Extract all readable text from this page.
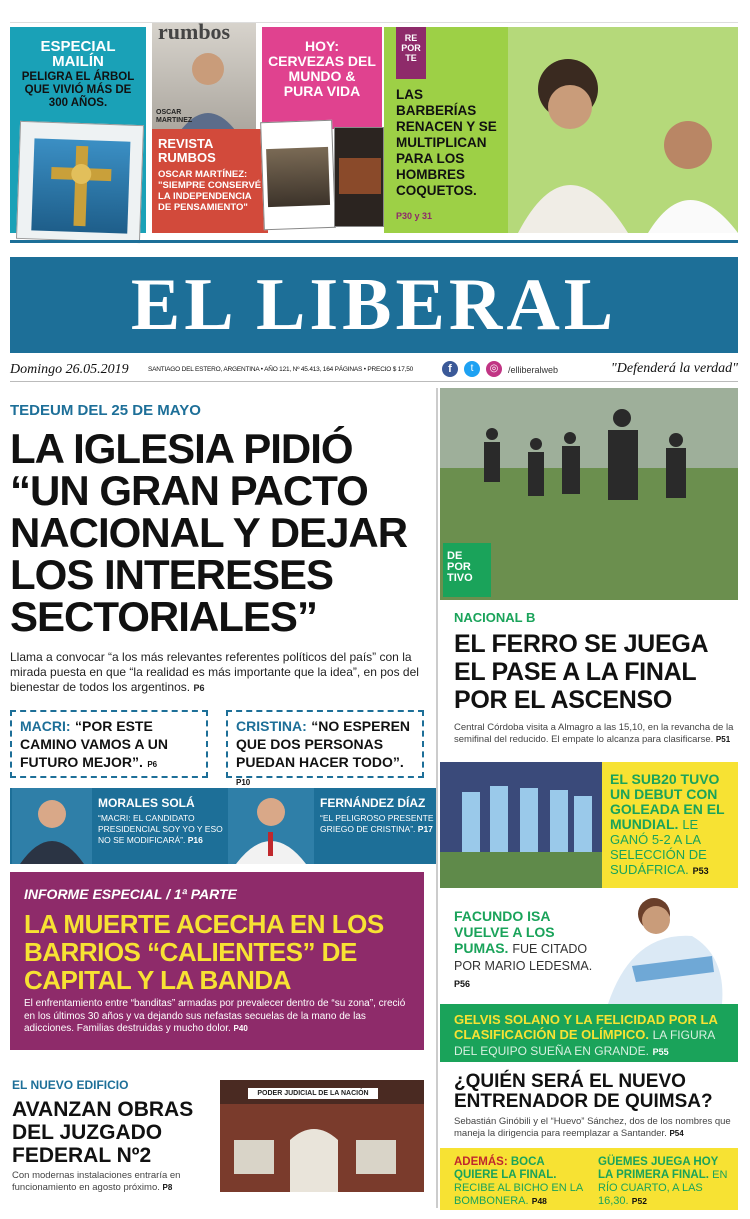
ESPECIAL MAILÍN
PELIGRA EL ÁRBOL QUE VIVIÓ MÁS DE 300 AÑOS.
rumbos
OSCAR MARTINEZ
HOY: CERVEZAS DEL MUNDO & PURA VIDA
REVISTA RUMBOS
OSCAR MARTÍNEZ: "SIEMPRE CONSERVÉ LA INDEPENDENCIA DE PENSAMIENTO"
RE POR TE
LAS BARBERÍAS RENACEN Y SE MULTIPLICAN PARA LOS HOMBRES COQUETOS.
P30 y 31
EL LIBERAL
Domingo 26.05.2019	SANTIAGO DEL ESTERO, ARGENTINA • AÑO 121, Nº 45.413, 164 PÁGINAS • PRECIO $ 17,50	f	t	◎	/elliberalweb	"Defenderá la verdad"
TEDEUM DEL 25 DE MAYO
LA IGLESIA PIDIÓ “UN GRAN PACTO NACIONAL Y DEJAR LOS INTERESES SECTORIALES”
Llama a convocar “a los más relevantes referentes políticos del país” con la mirada puesta en que “la realidad es más importante que la idea”, en pos del bienestar de todos los argentinos. P6
MACRI: “POR ESTE CAMINO VAMOS A UN FUTURO MEJOR”. P6
CRISTINA: “NO ESPEREN QUE DOS PERSONAS PUEDAN HACER TODO”. P10
MORALES SOLÁ
“MACRI: EL CANDIDATO PRESIDENCIAL SOY YO Y ESO NO SE MODIFICARÁ”. P16
FERNÁNDEZ DÍAZ
“EL PELIGROSO PRESENTE GRIEGO DE CRISTINA”. P17
INFORME ESPECIAL / 1ª PARTE
LA MUERTE ACECHA EN LOS BARRIOS “CALIENTES” DE CAPITAL Y LA BANDA
El enfrentamiento entre “banditas” armadas por prevalecer dentro de “su zona”, creció en los últimos 30 años y va dejando sus nefastas secuelas de la mano de las adicciones. Familias destruidas y mucho dolor. P40
EL NUEVO EDIFICIO
AVANZAN OBRAS DEL JUZGADO FEDERAL Nº2
Con modernas instalaciones entraría en funcionamiento en agosto próximo. P8
PODER JUDICIAL DE LA NACIÓN
DE POR TIVO
NACIONAL B
EL FERRO SE JUEGA EL PASE A LA FINAL POR EL ASCENSO
Central Córdoba visita a Almagro a las 15,10, en la revancha de la semifinal del reducido. El empate lo alcanza para clasificarse. P51
EL SUB20 TUVO UN DEBUT CON GOLEADA EN EL MUNDIAL. LE GANÓ 5-2 A LA SELECCIÓN DE SUDÁFRICA. P53
FACUNDO ISA VUELVE A LOS PUMAS. FUE CITADO POR MARIO LEDESMA. P56
GELVIS SOLANO Y LA FELICIDAD POR LA CLASIFICACIÓN DE OLÍMPICO. LA FIGURA DEL EQUIPO SUEÑA EN GRANDE. P55
¿QUIÉN SERÁ EL NUEVO ENTRENADOR DE QUIMSA?
Sebastián Ginóbili y el “Huevo” Sánchez, dos de los nombres que maneja la dirigencia para reemplazar a Santander. P54
ADEMÁS: BOCA QUIERE LA FINAL. RECIBE AL BICHO EN LA BOMBONERA. P48
GÜEMES JUEGA HOY LA PRIMERA FINAL. EN RÍO CUARTO, A LAS 16,30. P52
